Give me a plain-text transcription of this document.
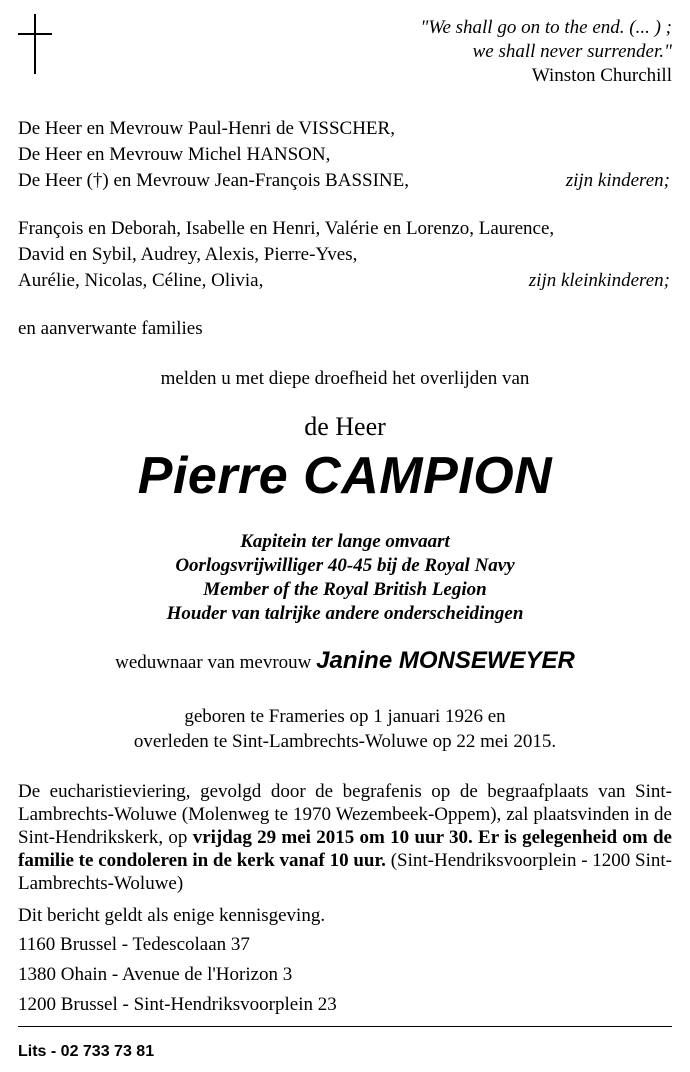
"We shall go on to the end. (... ) ;
we shall never surrender."
Winston Churchill
De Heer en Mevrouw Paul-Henri de VISSCHER,
De Heer en Mevrouw Michel HANSON,
De Heer (†) en Mevrouw Jean-François BASSINE,	zijn kinderen;
François en Deborah, Isabelle en Henri, Valérie en Lorenzo, Laurence,
David en Sybil, Audrey, Alexis, Pierre-Yves,
Aurélie, Nicolas, Céline, Olivia,	zijn kleinkinderen;
en aanverwante families
melden u met diepe droefheid het overlijden van
de Heer
Pierre CAMPION
Kapitein ter lange omvaart
Oorlogsvrijwilliger 40-45 bij de Royal Navy
Member of the Royal British Legion
Houder van talrijke andere onderscheidingen
weduwnaar van mevrouw Janine MONSEWEYER
geboren te Frameries op 1 januari 1926 en
overleden te Sint-Lambrechts-Woluwe op 22 mei 2015.
De eucharistieviering, gevolgd door de begrafenis op de begraafplaats van Sint-Lambrechts-Woluwe (Molenweg te 1970 Wezembeek-Oppem), zal plaatsvinden in de Sint-Hendrikskerk, op vrijdag 29 mei 2015 om 10 uur 30. Er is gelegenheid om de familie te condoleren in de kerk vanaf 10 uur. (Sint-Hendriksvoorplein - 1200 Sint-Lambrechts-Woluwe)
Dit bericht geldt als enige kennisgeving.
1160 Brussel - Tedescolaan 37
1380 Ohain - Avenue de l'Horizon 3
1200 Brussel - Sint-Hendriksvoorplein 23
Lits - 02 733 73 81
